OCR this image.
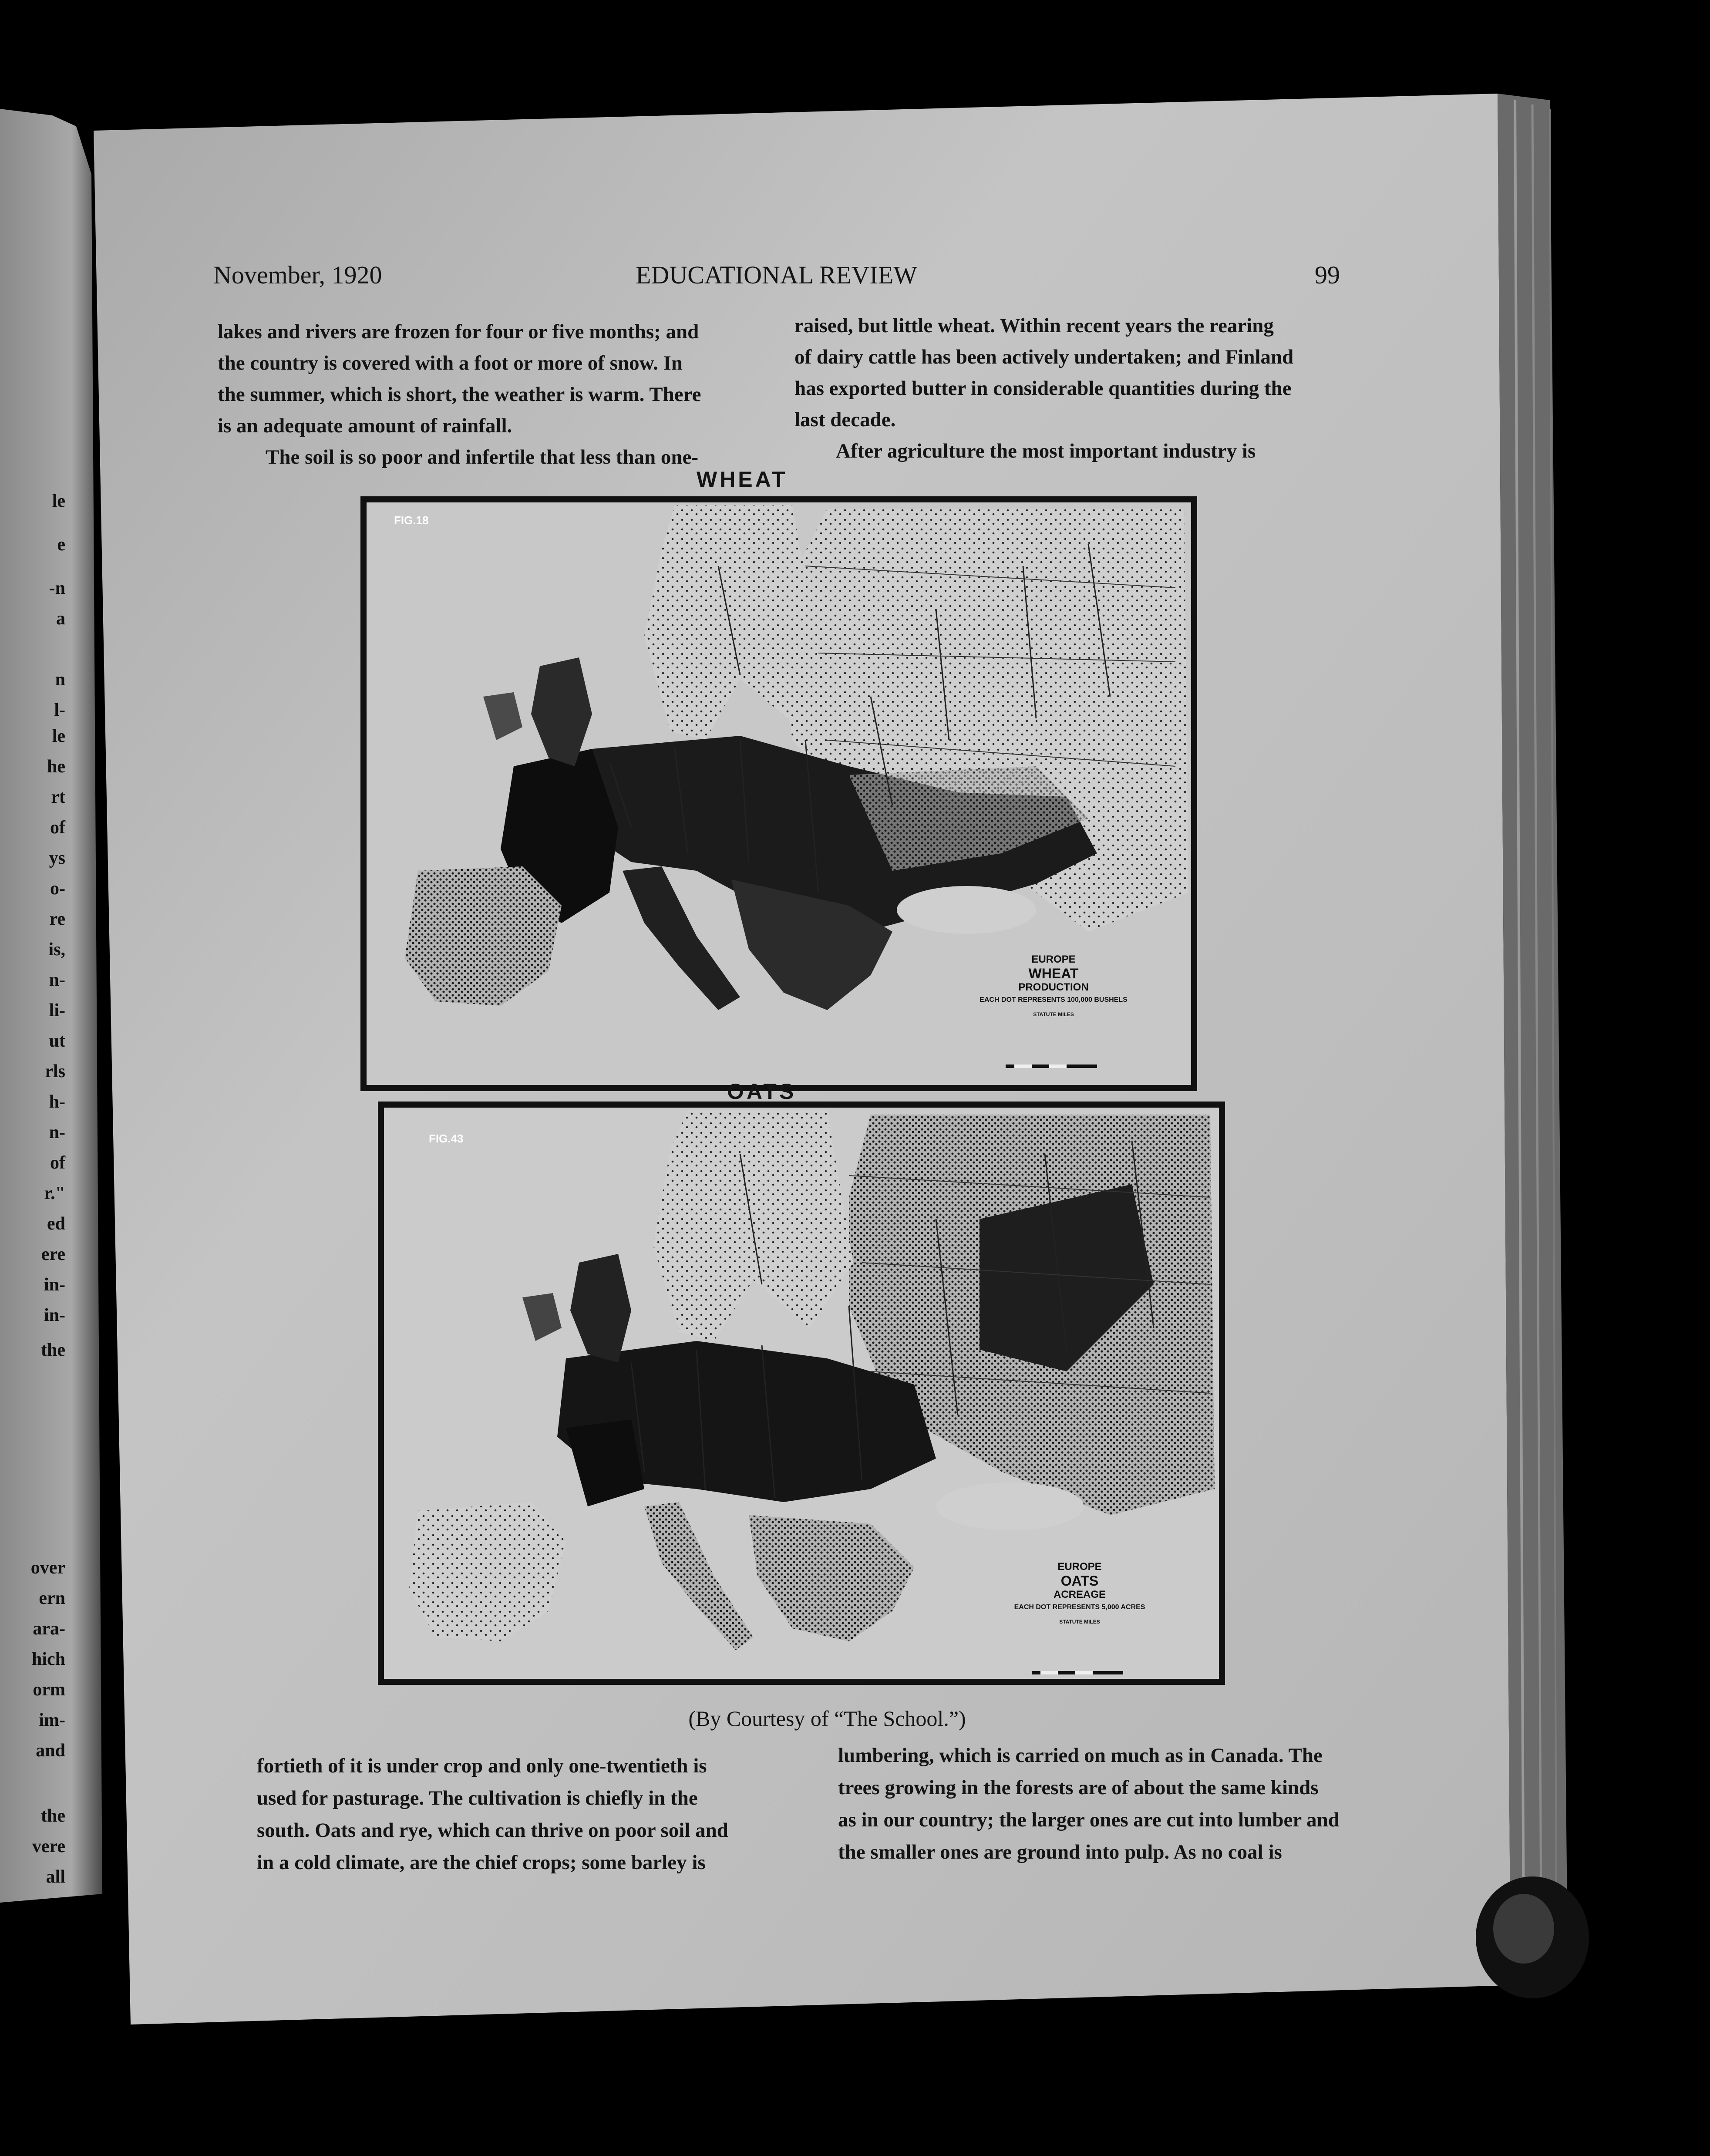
le
e
-n
a
n
l-
le
he
rt
of
ys
o-
re
is,
n-
li-
ut
rls
h-
n-
of
r."
ed
ere
in-
in-
the
over
ern
ara-
hich
orm
im-
and
the
vere
all
November, 1920	EDUCATIONAL REVIEW	99
lakes and rivers are frozen for four or five months; and
the country is covered with a foot or more of snow. In
the summer, which is short, the weather is warm. There
is an adequate amount of rainfall.
The soil is so poor and infertile that less than one-
raised, but little wheat. Within recent years the rearing
of dairy cattle has been actively undertaken; and Finland
has exported butter in considerable quantities during the
last decade.
After agriculture the most important industry is
WHEAT
FIG.18
EUROPE
WHEAT
PRODUCTION
EACH DOT REPRESENTS 100,000 BUSHELS
STATUTE MILES
OATS
FIG.43
EUROPE
OATS
ACREAGE
EACH DOT REPRESENTS 5,000 ACRES
STATUTE MILES
(By Courtesy of “The School.”)
fortieth of it is under crop and only one-twentieth is
used for pasturage. The cultivation is chiefly in the
south. Oats and rye, which can thrive on poor soil and
in a cold climate, are the chief crops; some barley is
lumbering, which is carried on much as in Canada. The
trees growing in the forests are of about the same kinds
as in our country; the larger ones are cut into lumber and
the smaller ones are ground into pulp. As no coal is
